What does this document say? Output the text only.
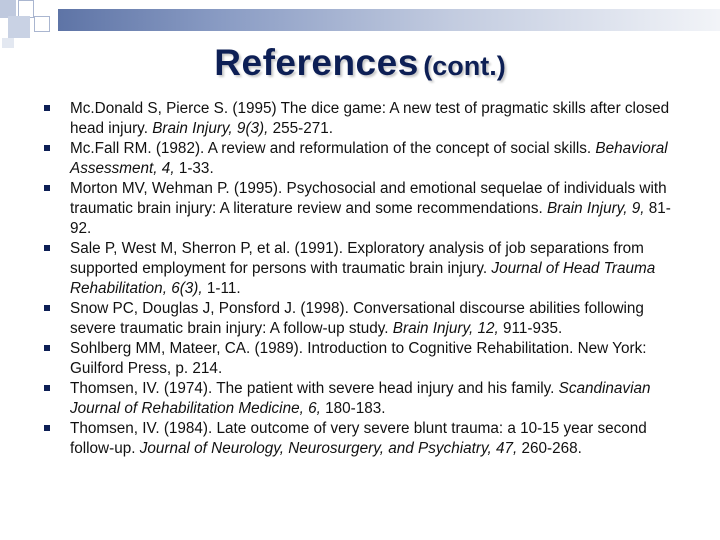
References (cont.)
Mc.Donald S, Pierce S. (1995) The dice game: A new test of pragmatic skills after closed head injury. Brain Injury, 9(3), 255-271.
Mc.Fall RM. (1982). A review and reformulation of the concept of social skills. Behavioral Assessment, 4, 1-33.
Morton MV, Wehman P. (1995). Psychosocial and emotional sequelae of individuals with traumatic brain injury: A literature review and some recommendations. Brain Injury, 9, 81-92.
Sale P, West M, Sherron P, et al. (1991). Exploratory analysis of job separations from supported employment for persons with traumatic brain injury. Journal of Head Trauma Rehabilitation, 6(3), 1-11.
Snow PC, Douglas J, Ponsford J. (1998). Conversational discourse abilities following severe traumatic brain injury: A follow-up study. Brain Injury, 12, 911-935.
Sohlberg MM, Mateer, CA. (1989). Introduction to Cognitive Rehabilitation. New York: Guilford Press, p. 214.
Thomsen, IV. (1974). The patient with severe head injury and his family. Scandinavian Journal of Rehabilitation Medicine, 6, 180-183.
Thomsen, IV. (1984). Late outcome of very severe blunt trauma: a 10-15 year second follow-up. Journal of Neurology, Neurosurgery, and Psychiatry, 47, 260-268.
